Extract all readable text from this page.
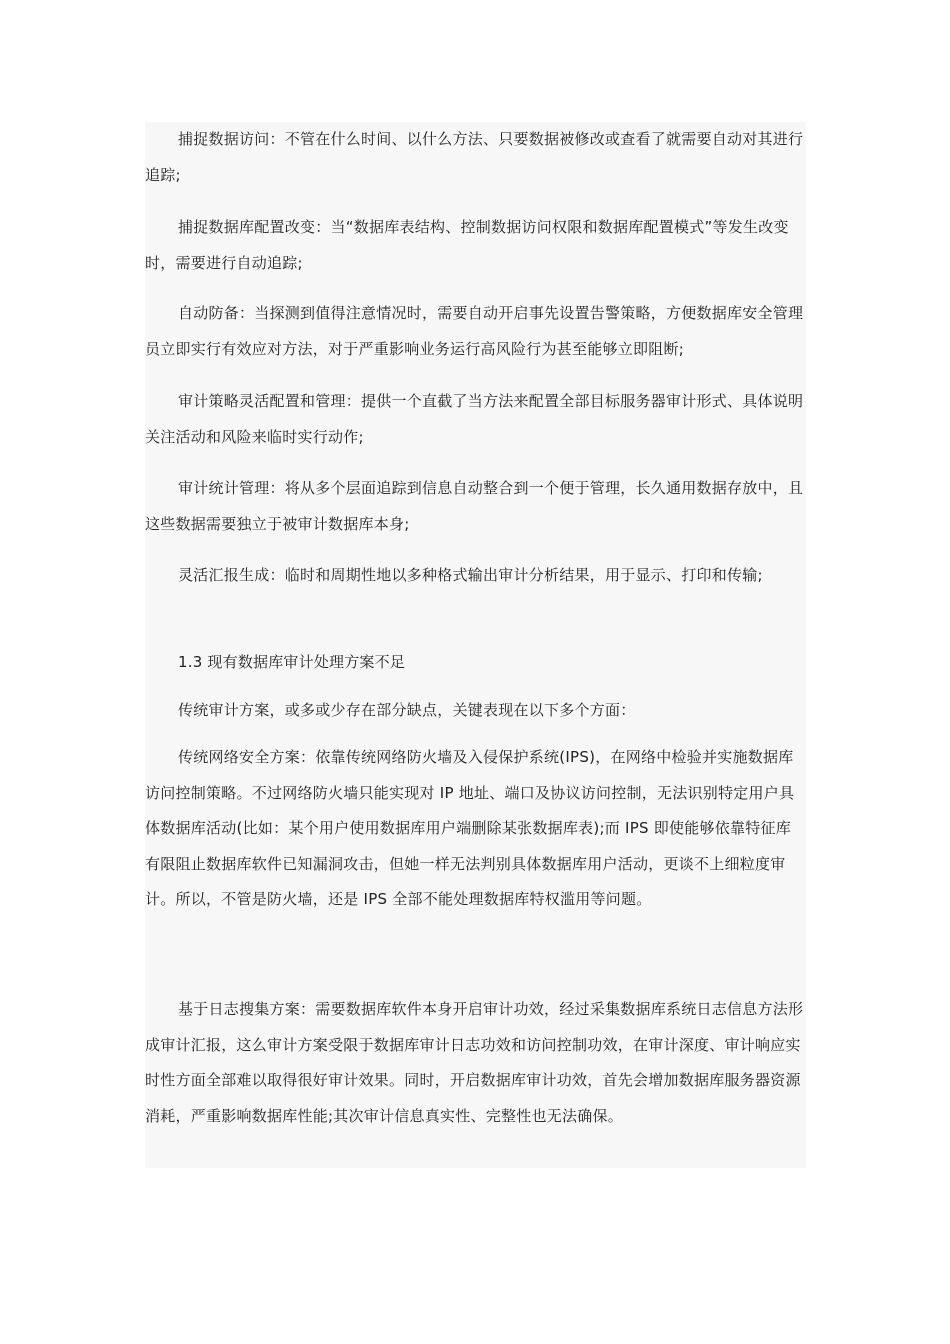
捕捉数据访问：不管在什么时间、以什么方法、只要数据被修改或查看了就需要自动对其进行追踪;

捕捉数据库配置改变：当“数据库表结构、控制数据访问权限和数据库配置模式”等发生改变时，需要进行自动追踪;

自动防备：当探测到值得注意情况时，需要自动开启事先设置告警策略，方便数据库安全管理员立即实行有效应对方法，对于严重影响业务运行高风险行为甚至能够立即阻断;

审计策略灵活配置和管理：提供一个直截了当方法来配置全部目标服务器审计形式、具体说明关注活动和风险来临时实行动作;

审计统计管理：将从多个层面追踪到信息自动整合到一个便于管理，长久通用数据存放中，且这些数据需要独立于被审计数据库本身;

灵活汇报生成：临时和周期性地以多种格式输出审计分析结果，用于显示、打印和传输;

1.3 现有数据库审计处理方案不足

传统审计方案，或多或少存在部分缺点，关键表现在以下多个方面：

传统网络安全方案：依靠传统网络防火墙及入侵保护系统(IPS)，在网络中检验并实施数据库访问控制策略。不过网络防火墙只能实现对 IP 地址、端口及协议访问控制，无法识别特定用户具体数据库活动(比如：某个用户使用数据库用户端删除某张数据库表);而 IPS 即使能够依靠特征库有限阻止数据库软件已知漏洞攻击，但她一样无法判别具体数据库用户活动，更谈不上细粒度审计。所以，不管是防火墙，还是 IPS 全部不能处理数据库特权滥用等问题。

基于日志搜集方案：需要数据库软件本身开启审计功效，经过采集数据库系统日志信息方法形成审计汇报，这么审计方案受限于数据库审计日志功效和访问控制功效，在审计深度、审计响应实时性方面全部难以取得很好审计效果。同时，开启数据库审计功效，首先会增加数据库服务器资源消耗，严重影响数据库性能;其次审计信息真实性、完整性也无法确保。
